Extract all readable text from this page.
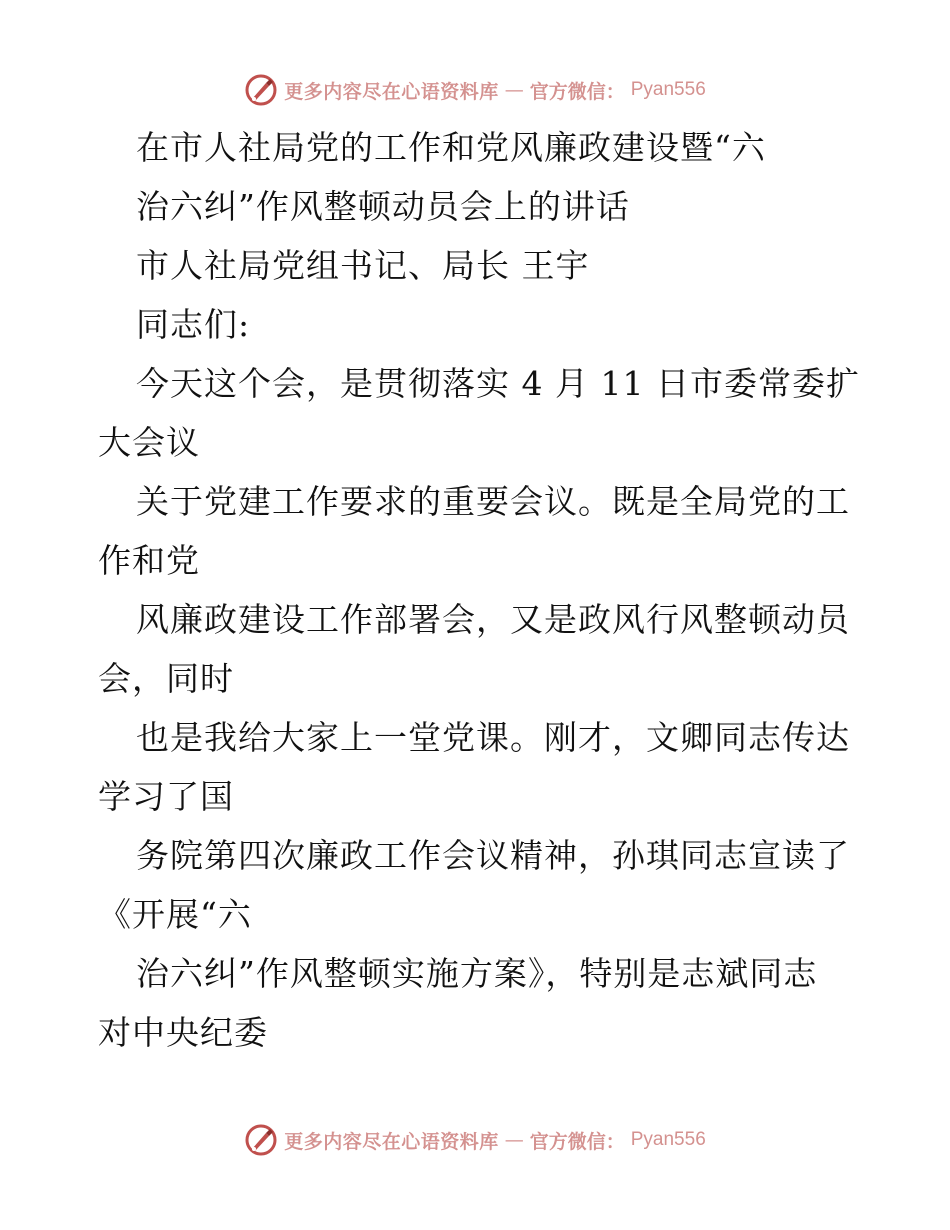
更多内容尽在心语资料库 — 官方微信： Pyan556
在市人社局党的工作和党风廉政建设暨“六
治六纠”作风整顿动员会上的讲话
市人社局党组书记、局长 王宇
同志们:
今天这个会，是贯彻落实 4 月 11 日市委常委扩
大会议
关于党建工作要求的重要会议。既是全局党的工
作和党
风廉政建设工作部署会，又是政风行风整顿动员
会，同时
也是我给大家上一堂党课。刚才，文卿同志传达
学习了国
务院第四次廉政工作会议精神，孙琪同志宣读了
《开展“六
治六纠”作风整顿实施方案》，特别是志斌同志
对中央纪委
更多内容尽在心语资料库 — 官方微信： Pyan556
